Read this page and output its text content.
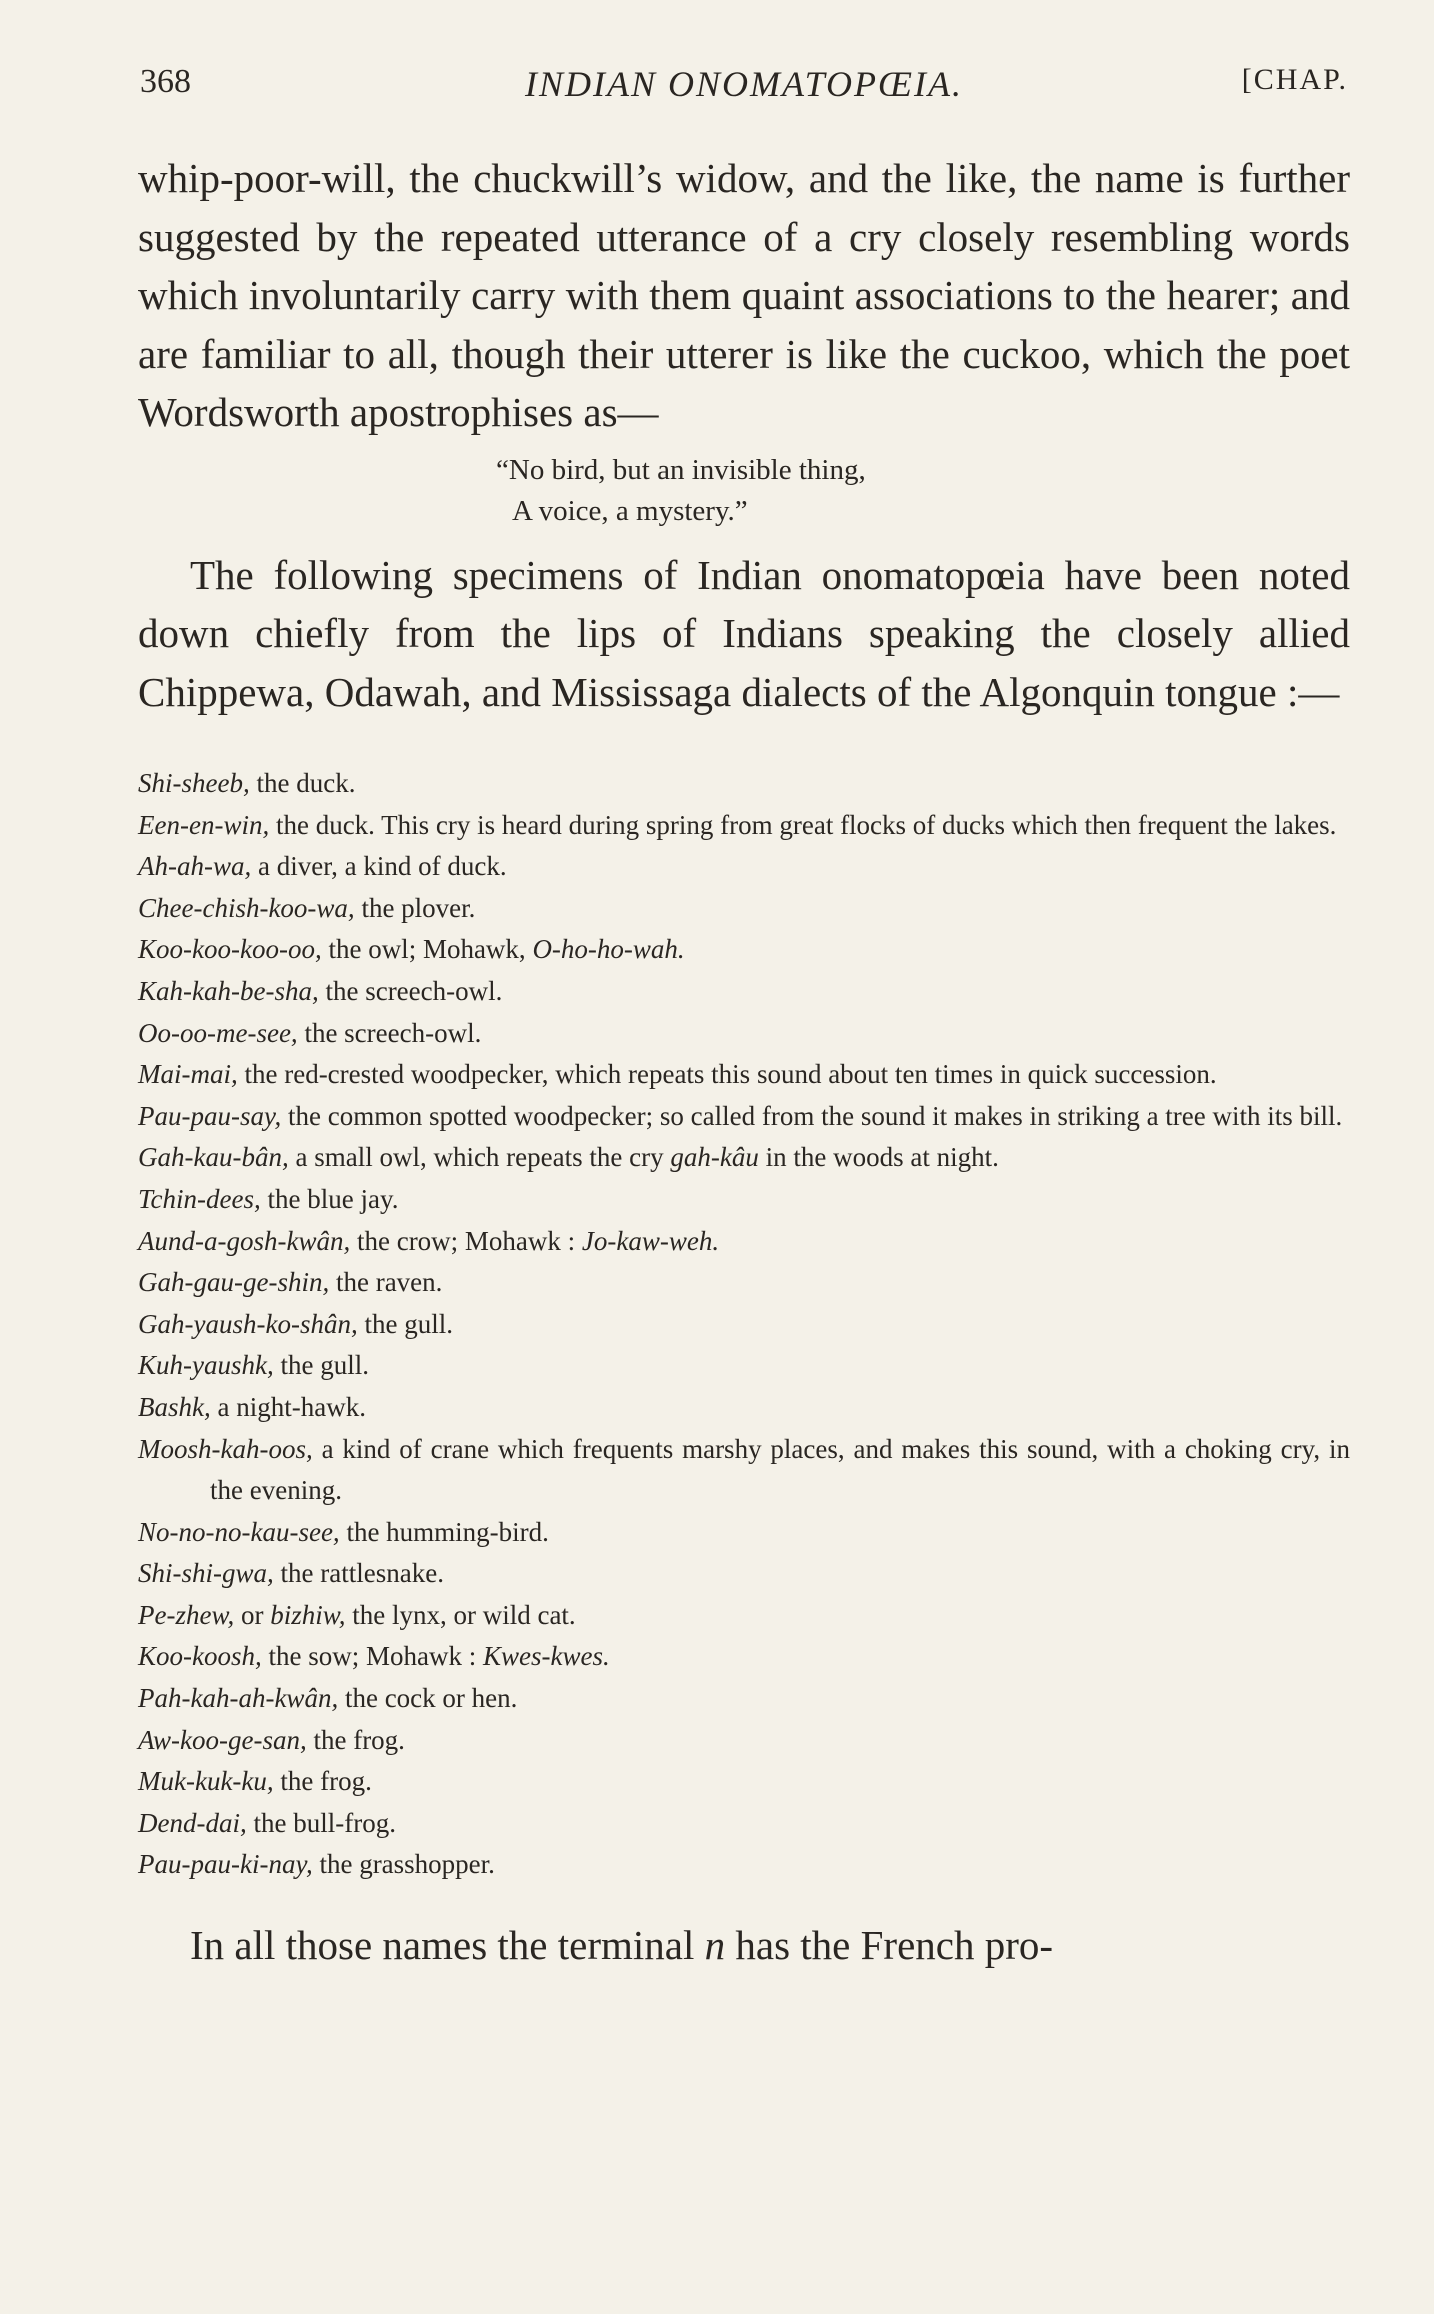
368	INDIAN ONOMATOPŒIA.	[CHAP.

whip-poor-will, the chuckwill’s widow, and the like, the name is further suggested by the repeated utterance of a cry closely resembling words which involuntarily carry with them quaint associations to the hearer; and are familiar to all, though their utterer is like the cuckoo, which the poet Wordsworth apostrophises as—

“No bird, but an invisible thing,
A voice, a mystery.”

The following specimens of Indian onomatopœia have been noted down chiefly from the lips of Indians speaking the closely allied Chippewa, Odawah, and Mississaga dialects of the Algonquin tongue :—

Shi-sheeb, the duck.
Een-en-win, the duck. This cry is heard during spring from great flocks of ducks which then frequent the lakes.
Ah-ah-wa, a diver, a kind of duck.
Chee-chish-koo-wa, the plover.
Koo-koo-koo-oo, the owl; Mohawk, O-ho-ho-wah.
Kah-kah-be-sha, the screech-owl.
Oo-oo-me-see, the screech-owl.
Mai-mai, the red-crested woodpecker, which repeats this sound about ten times in quick succession.
Pau-pau-say, the common spotted woodpecker; so called from the sound it makes in striking a tree with its bill.
Gah-kau-bân, a small owl, which repeats the cry gah-kâu in the woods at night.
Tchin-dees, the blue jay.
Aund-a-gosh-kwân, the crow; Mohawk : Jo-kaw-weh.
Gah-gau-ge-shin, the raven.
Gah-yaush-ko-shân, the gull.
Kuh-yaushk, the gull.
Bashk, a night-hawk.
Moosh-kah-oos, a kind of crane which frequents marshy places, and makes this sound, with a choking cry, in the evening.
No-no-no-kau-see, the humming-bird.
Shi-shi-gwa, the rattlesnake.
Pe-zhew, or bizhiw, the lynx, or wild cat.
Koo-koosh, the sow; Mohawk : Kwes-kwes.
Pah-kah-ah-kwân, the cock or hen.
Aw-koo-ge-san, the frog.
Muk-kuk-ku, the frog.
Dend-dai, the bull-frog.
Pau-pau-ki-nay, the grasshopper.

In all those names the terminal n has the French pro-
